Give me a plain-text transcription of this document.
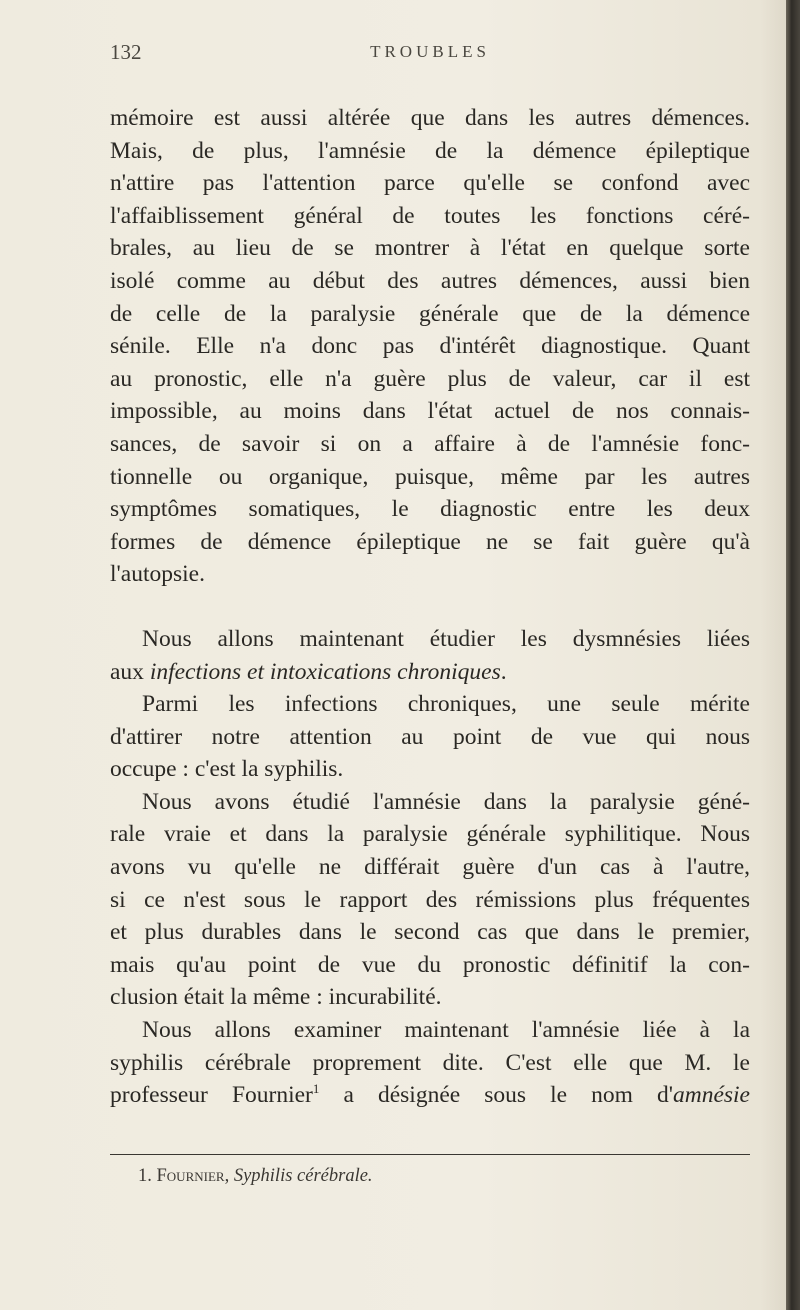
132	TROUBLES
mémoire est aussi altérée que dans les autres démences.
Mais, de plus, l'amnésie de la démence épileptique
n'attire pas l'attention parce qu'elle se confond avec
l'affaiblissement général de toutes les fonctions céré-
brales, au lieu de se montrer à l'état en quelque sorte
isolé comme au début des autres démences, aussi bien
de celle de la paralysie générale que de la démence
sénile. Elle n'a donc pas d'intérêt diagnostique. Quant
au pronostic, elle n'a guère plus de valeur, car il est
impossible, au moins dans l'état actuel de nos connais-
sances, de savoir si on a affaire à de l'amnésie fonc-
tionnelle ou organique, puisque, même par les autres
symptômes somatiques, le diagnostic entre les deux
formes de démence épileptique ne se fait guère qu'à
l'autopsie.
Nous allons maintenant étudier les dysmnésies liées
aux infections et intoxications chroniques.
Parmi les infections chroniques, une seule mérite
d'attirer notre attention au point de vue qui nous
occupe : c'est la syphilis.
Nous avons étudié l'amnésie dans la paralysie géné-
rale vraie et dans la paralysie générale syphilitique. Nous
avons vu qu'elle ne différait guère d'un cas à l'autre,
si ce n'est sous le rapport des rémissions plus fréquentes
et plus durables dans le second cas que dans le premier,
mais qu'au point de vue du pronostic définitif la con-
clusion était la même : incurabilité.
Nous allons examiner maintenant l'amnésie liée à la
syphilis cérébrale proprement dite. C'est elle que M. le
professeur Fournier$^1$ a désignée sous le nom d'amnésie
1. Fournier, Syphilis cérébrale.
